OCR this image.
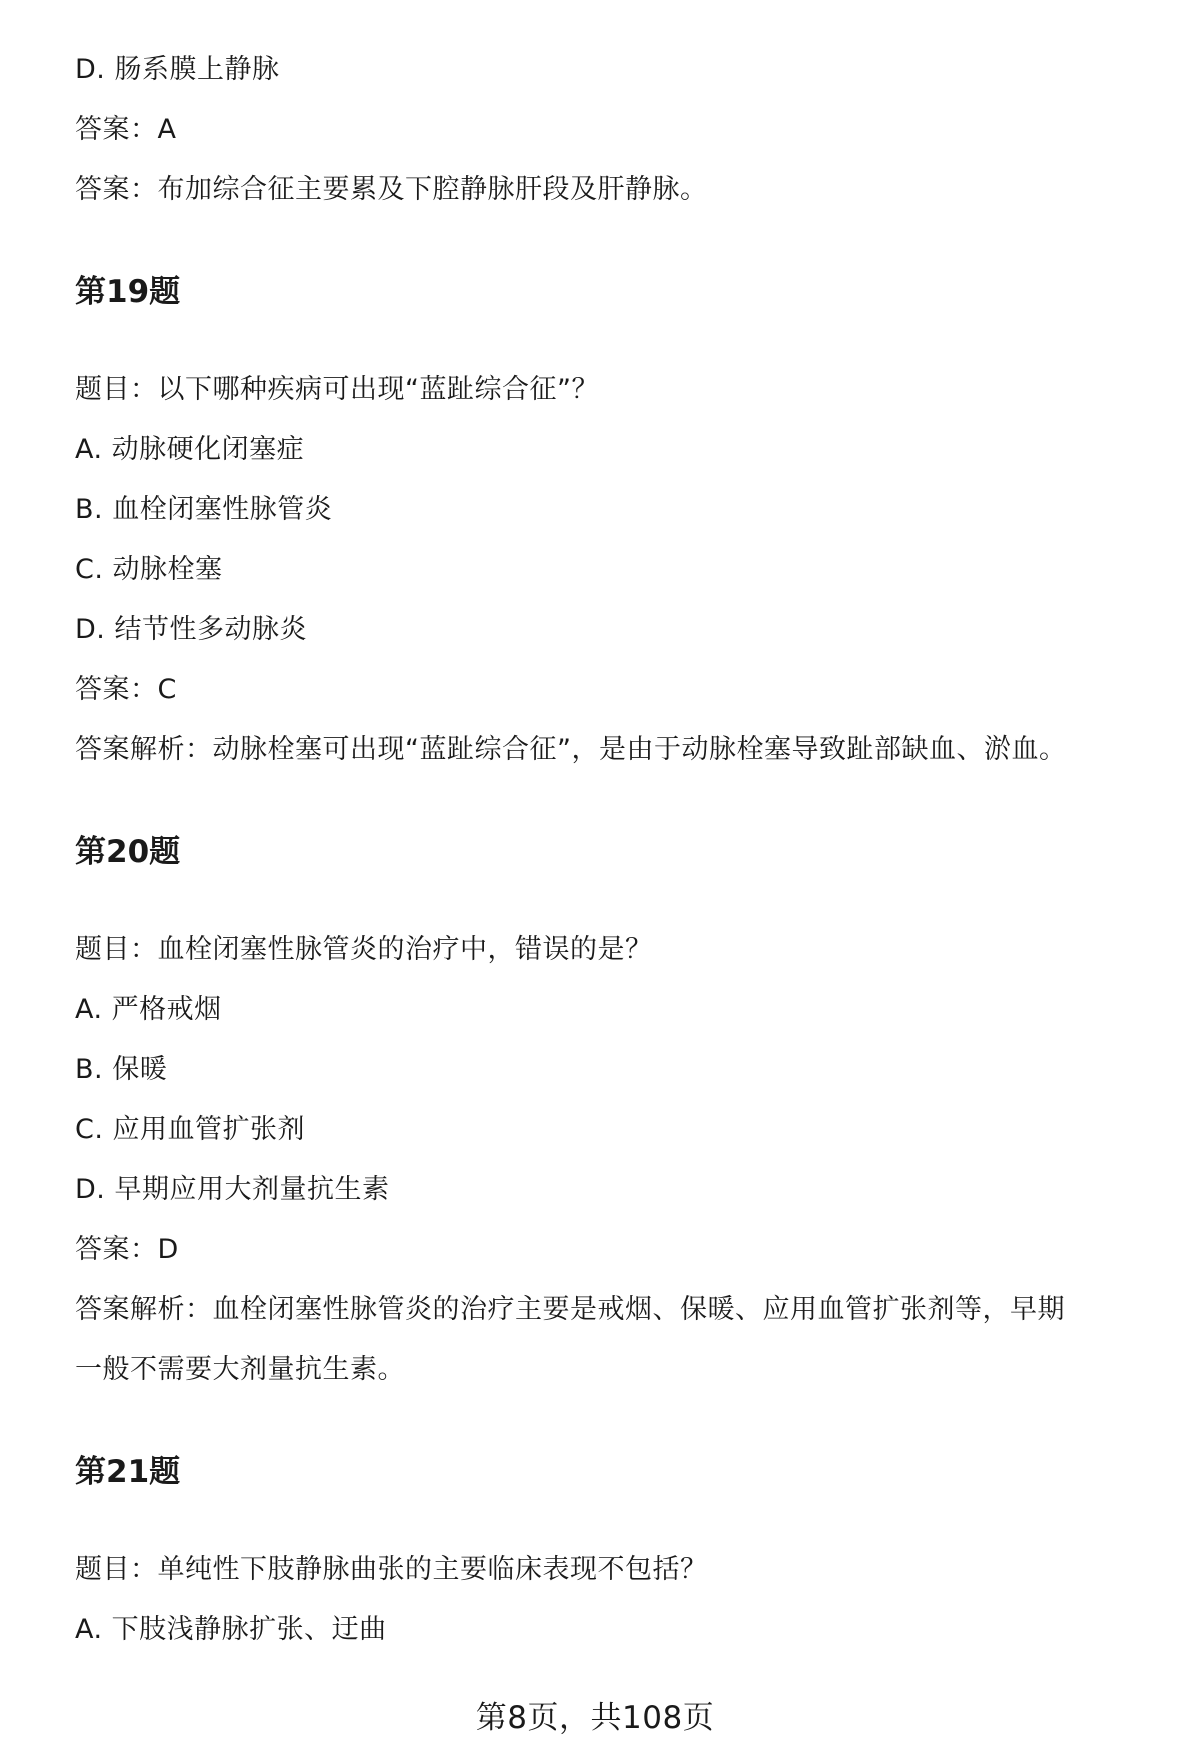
D. 肠系膜上静脉
答案：A
答案：布加综合征主要累及下腔静脉肝段及肝静脉。
第19题
题目：以下哪种疾病可出现“蓝趾综合征”？
A. 动脉硬化闭塞症
B. 血栓闭塞性脉管炎
C. 动脉栓塞
D. 结节性多动脉炎
答案：C
答案解析：动脉栓塞可出现“蓝趾综合征”，是由于动脉栓塞导致趾部缺血、淤血。
第20题
题目：血栓闭塞性脉管炎的治疗中，错误的是？
A. 严格戒烟
B. 保暖
C. 应用血管扩张剂
D. 早期应用大剂量抗生素
答案：D
答案解析：血栓闭塞性脉管炎的治疗主要是戒烟、保暖、应用血管扩张剂等，早期
一般不需要大剂量抗生素。
第21题
题目：单纯性下肢静脉曲张的主要临床表现不包括？
A. 下肢浅静脉扩张、迂曲
第8页，共108页
